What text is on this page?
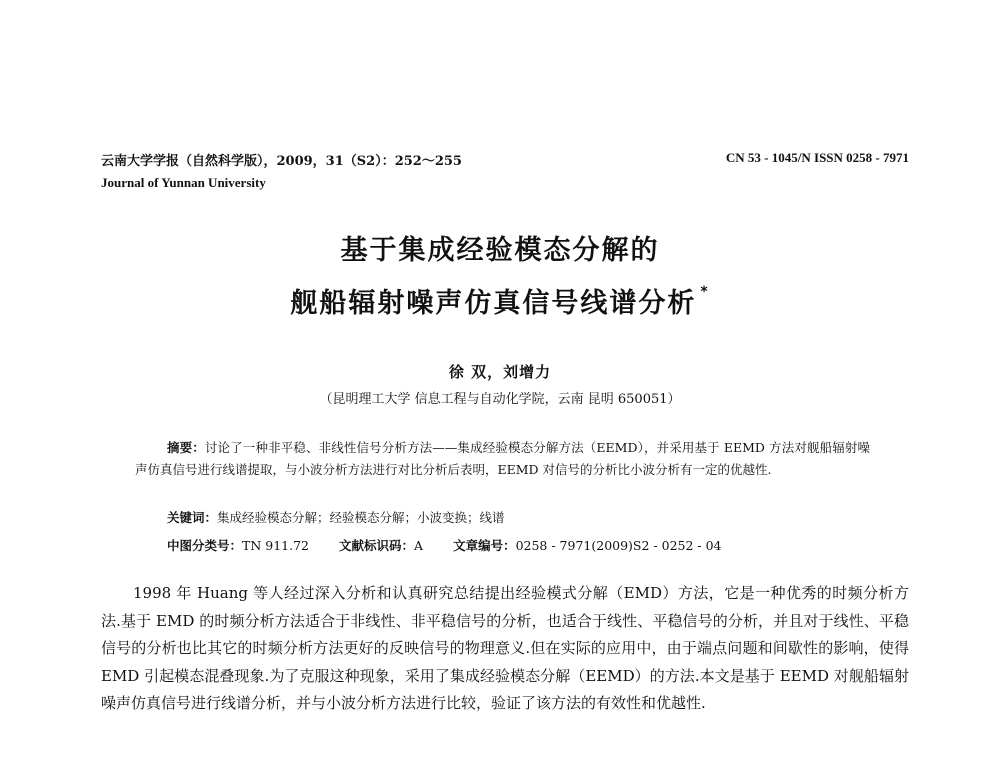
云南大学学报（自然科学版），2009，31（S2）：252～255	CN 53 - 1045/N ISSN 0258 - 7971
Journal of Yunnan University
基于集成经验模态分解的
舰船辐射噪声仿真信号线谱分析 *
徐 双，刘增力
（昆明理工大学 信息工程与自动化学院，云南 昆明 650051）

摘要：讨论了一种非平稳、非线性信号分析方法——集成经验模态分解方法（EEMD），并采用基于 EEMD 方法对舰船辐射噪声仿真信号进行线谱提取，与小波分析方法进行对比分析后表明，EEMD 对信号的分析比小波分析有一定的优越性.

关键词：集成经验模态分解；经验模态分解；小波变换；线谱
中图分类号：TN 911.72 文献标识码：A 文章编号：0258 - 7971(2009)S2 - 0252 - 04

1998 年 Huang 等人经过深入分析和认真研究总结提出经验模式分解（EMD）方法，它是一种优秀的时频分析方法.基于 EMD 的时频分析方法适合于非线性、非平稳信号的分析，也适合于线性、平稳信号的分析，并且对于线性、平稳信号的分析也比其它的时频分析方法更好的反映信号的物理意义.但在实际的应用中，由于端点问题和间歇性的影响，使得 EMD 引起模态混叠现象.为了克服这种现象，采用了集成经验模态分解（EEMD）的方法.本文是基于 EEMD 对舰船辐射噪声仿真信号进行线谱分析，并与小波分析方法进行比较，验证了该方法的有效性和优越性.
